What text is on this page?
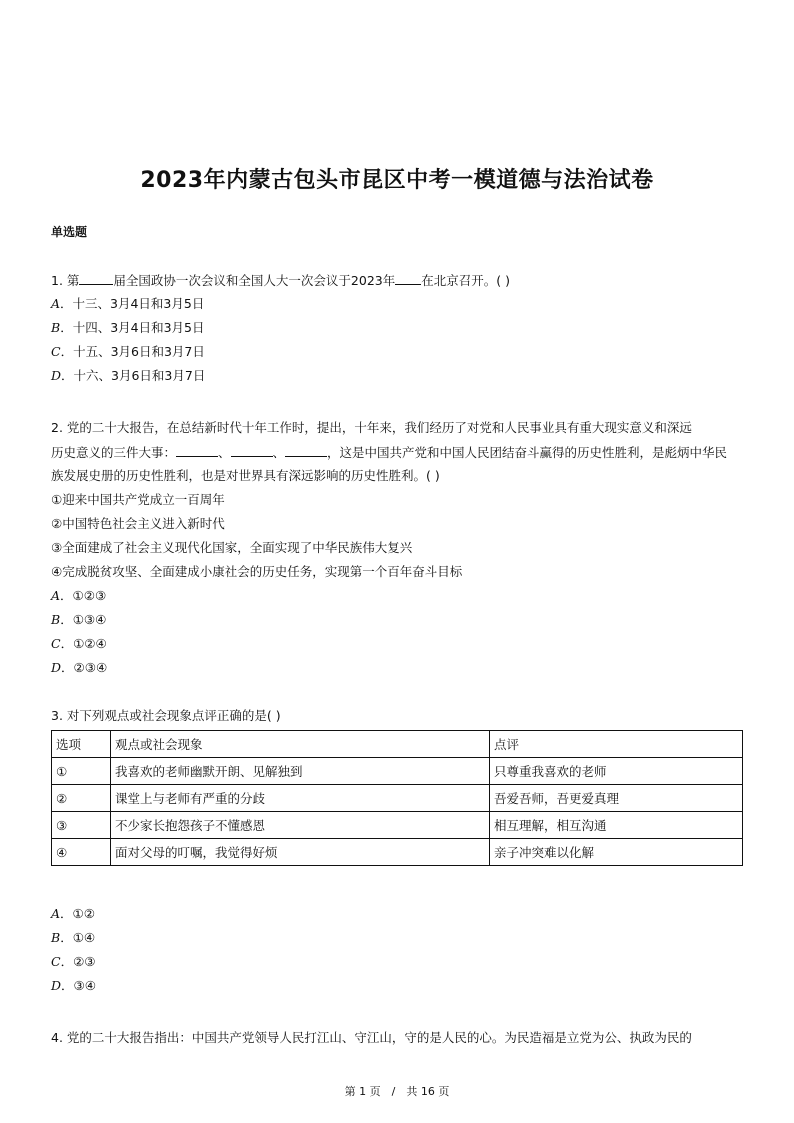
2023年内蒙古包头市昆区中考一模道德与法治试卷
单选题
1. 第	届全国政协一次会议和全国人大一次会议于2023年 在北京召开。( )
A．十三、3月4日和3月5日
B．十四、3月4日和3月5日
C．十五、3月6日和3月7日
D．十六、3月6日和3月7日
2. 党的二十大报告，在总结新时代十年工作时，提出，十年来，我们经历了对党和人民事业具有重大现实意义和深远
历史意义的三件大事：	、	、	，这是中国共产党和中国人民团结奋斗赢得的历史性胜利，是彪炳中华民
族发展史册的历史性胜利，也是对世界具有深远影响的历史性胜利。( )
①迎来中国共产党成立一百周年
②中国特色社会主义进入新时代
③全面建成了社会主义现代化国家，全面实现了中华民族伟大复兴
④完成脱贫攻坚、全面建成小康社会的历史任务，实现第一个百年奋斗目标
A．①②③
B．①③④
C．①②④
D．②③④
3. 对下列观点或社会现象点评正确的是( )
选项	观点或社会现象	点评
①	我喜欢的老师幽默开朗、见解独到	只尊重我喜欢的老师
②	课堂上与老师有严重的分歧	吾爱吾师，吾更爱真理
③	不少家长抱怨孩子不懂感恩	相互理解，相互沟通
④	面对父母的叮嘱，我觉得好烦	亲子冲突难以化解
A．①②
B．①④
C．②③
D．③④
4. 党的二十大报告指出：中国共产党领导人民打江山、守江山，守的是人民的心。为民造福是立党为公、执政为民的
第 1 页　/　共 16 页
